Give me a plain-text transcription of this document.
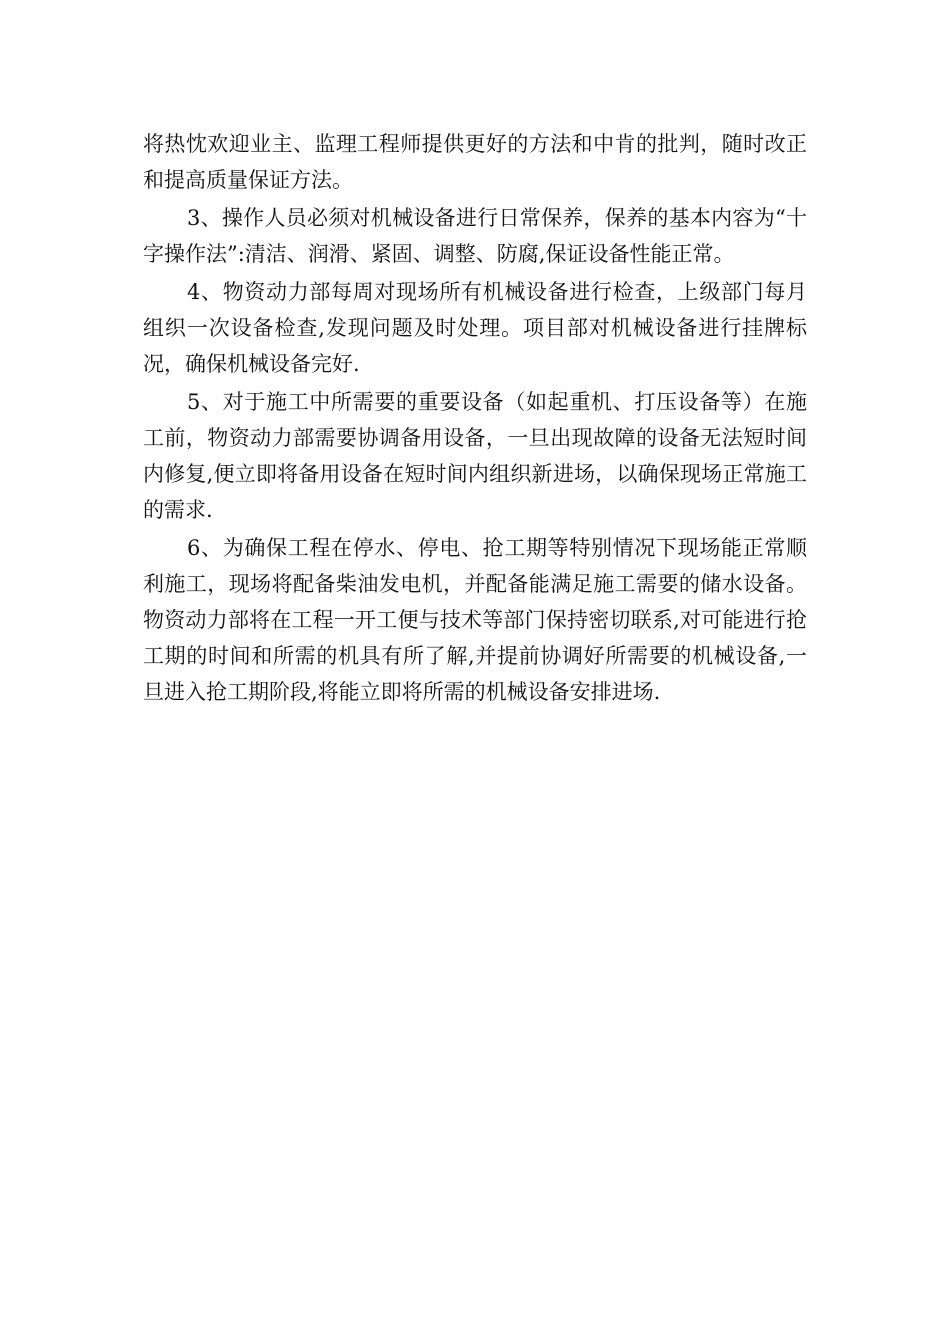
将热忱欢迎业主、监理工程师提供更好的方法和中肯的批判，随时改正和提高质量保证方法。

3、操作人员必须对机械设备进行日常保养，保养的基本内容为“十字操作法”:清洁、润滑、紧固、调整、防腐,保证设备性能正常。

4、物资动力部每周对现场所有机械设备进行检查，上级部门每月组织一次设备检查,发现问题及时处理。项目部对机械设备进行挂牌标况，确保机械设备完好.

5、对于施工中所需要的重要设备（如起重机、打压设备等）在施工前，物资动力部需要协调备用设备，一旦出现故障的设备无法短时间内修复,便立即将备用设备在短时间内组织新进场，以确保现场正常施工的需求.

6、为确保工程在停水、停电、抢工期等特别情况下现场能正常顺利施工，现场将配备柴油发电机，并配备能满足施工需要的储水设备。物资动力部将在工程一开工便与技术等部门保持密切联系,对可能进行抢工期的时间和所需的机具有所了解,并提前协调好所需要的机械设备,一旦进入抢工期阶段,将能立即将所需的机械设备安排进场.
